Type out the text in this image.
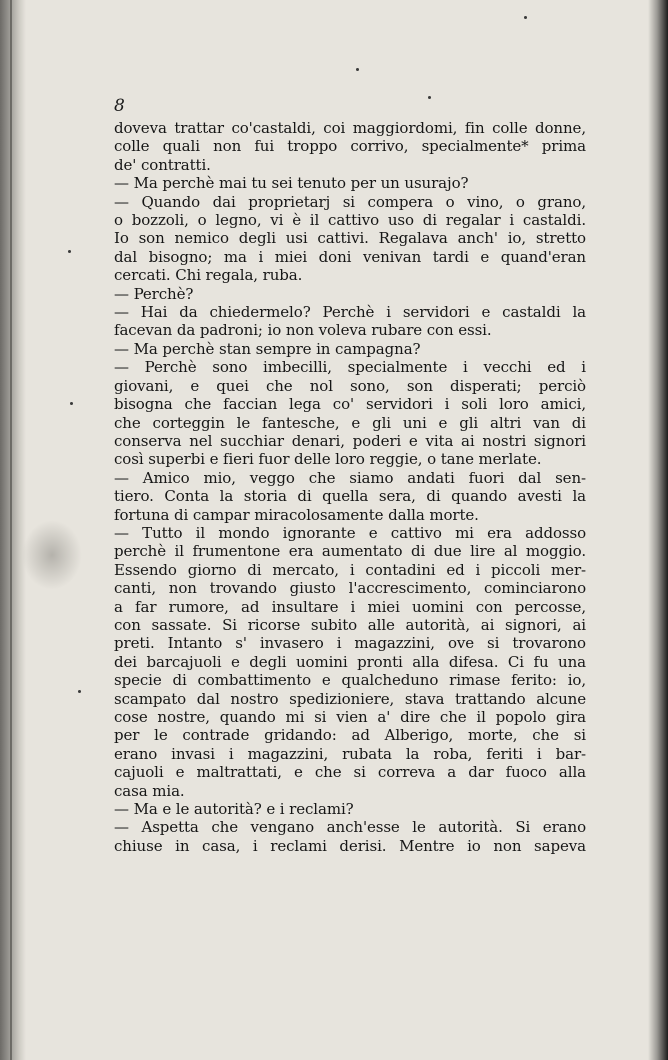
8
doveva trattar co'castaldi, coi maggiordomi, fin colle donne,
colle quali non fui troppo corrivo, specialmente* prima
de' contratti.
— Ma perchè mai tu sei tenuto per un usurajo?
— Quando dai proprietarj si compera o vino, o grano,
o bozzoli, o legno, vi è il cattivo uso di regalar i castaldi.
Io son nemico degli usi cattivi. Regalava anch' io, stretto
dal bisogno; ma i miei doni venivan tardi e quand'eran
cercati. Chi regala, ruba.
— Perchè?
— Hai da chiedermelo? Perchè i servidori e castaldi la
facevan da padroni; io non voleva rubare con essi.
— Ma perchè stan sempre in campagna?
— Perchè sono imbecilli, specialmente i vecchi ed i
giovani, e quei che nol sono, son disperati; perciò
bisogna che faccian lega co' servidori i soli loro amici,
che corteggin le fantesche, e gli uni e gli altri van di
conserva nel succhiar denari, poderi e vita ai nostri signori
così superbi e fieri fuor delle loro reggie, o tane merlate.
— Amico mio, veggo che siamo andati fuori dal sen-
tiero. Conta la storia di quella sera, di quando avesti la
fortuna di campar miracolosamente dalla morte.
— Tutto il mondo ignorante e cattivo mi era addosso
perchè il frumentone era aumentato di due lire al moggio.
Essendo giorno di mercato, i contadini ed i piccoli mer-
canti, non trovando giusto l'accrescimento, cominciarono
a far rumore, ad insultare i miei uomini con percosse,
con sassate. Si ricorse subito alle autorità, ai signori, ai
preti. Intanto s' invasero i magazzini, ove si trovarono
dei barcajuoli e degli uomini pronti alla difesa. Ci fu una
specie di combattimento e qualcheduno rimase ferito: io,
scampato dal nostro spedizioniere, stava trattando alcune
cose nostre, quando mi si vien a' dire che il popolo gira
per le contrade gridando: ad Alberigo, morte, che si
erano invasi i magazzini, rubata la roba, feriti i bar-
cajuoli e maltrattati, e che si correva a dar fuoco alla
casa mia.
— Ma e le autorità? e i reclami?
— Aspetta che vengano anch'esse le autorità. Si erano
chiuse in casa, i reclami derisi. Mentre io non sapeva
